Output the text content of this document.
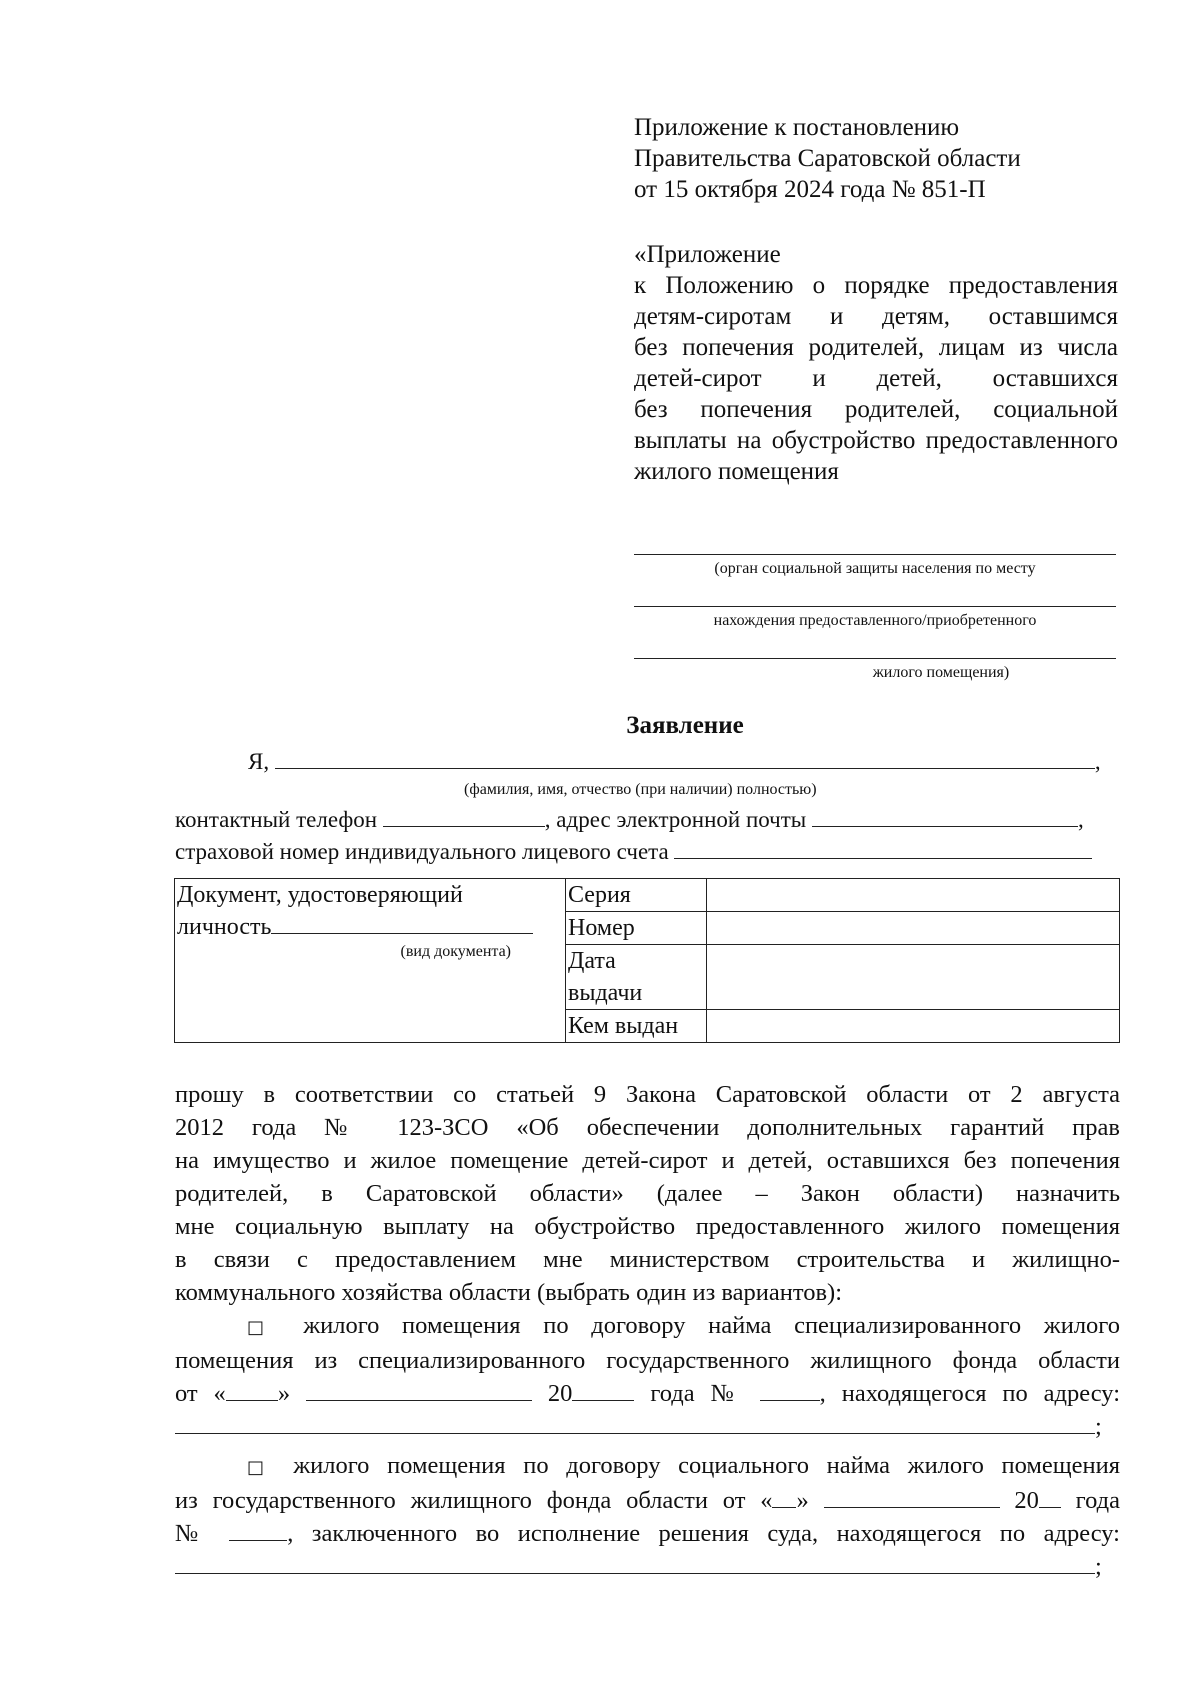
Приложение к постановлению
Правительства Саратовской области
от 15 октября 2024 года № 851-П
«Приложение
к Положению о порядке предоставления
детям-сиротам и детям, оставшимся
без попечения родителей, лицам из числа
детей-сирот и детей, оставшихся
без попечения родителей, социальной
выплаты на обустройство предоставленного
жилого помещения
(орган социальной защиты населения по месту
нахождения предоставленного/приобретенного
жилого помещения)
Заявление
Я,	,
(фамилия, имя, отчество (при наличии) полностью)
контактный телефон	, адрес электронной почты	,
страховой номер индивидуального лицевого счета
Документ, удостоверяющий
личность
(вид документа)	Серия	
	Номер	

	Дата
выдачи	

	Кем выдан	

прошу в соответствии со статьей 9 Закона Саратовской области от 2 августа

2012 года № 123-ЗСО «Об обеспечении дополнительных гарантий прав

на имущество и жилое помещение детей-сирот и детей, оставшихся без попечения

родителей, в Саратовской области» (далее – Закон области) назначить

мне социальную выплату на обустройство предоставленного жилого помещения

в связи с предоставлением мне министерством строительства и жилищно-

коммунального хозяйства области (выбрать один из вариантов):

□ жилого помещения по договору найма специализированного жилого

помещения из специализированного государственного жилищного фонда области

от « »	20	года №	, находящегося по адресу:

;

□ жилого помещения по договору социального найма жилого помещения

из государственного жилищного фонда области от « »	20 года

№	, заключенного во исполнение решения суда, находящегося по адресу:

;
